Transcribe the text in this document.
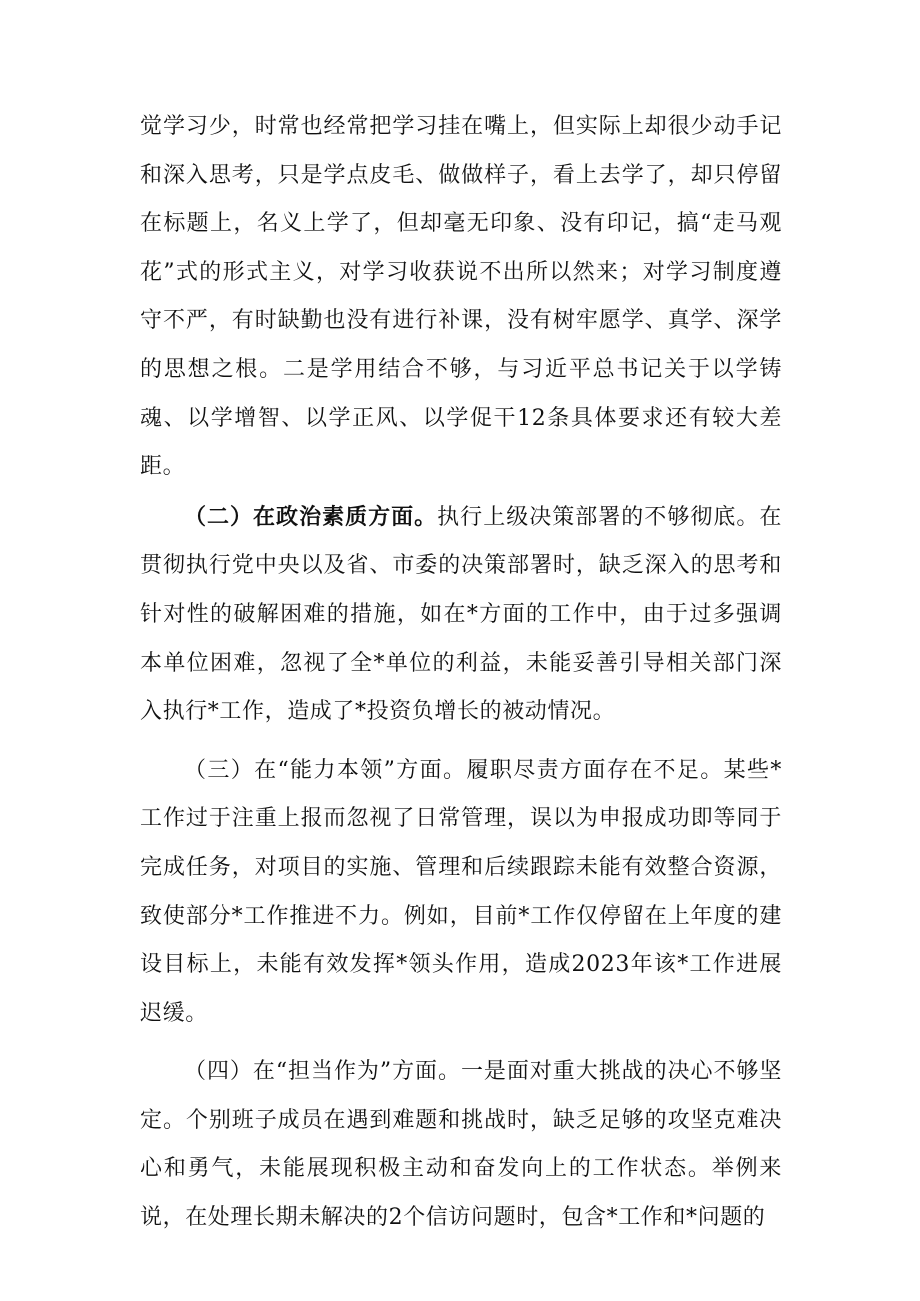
觉学习少，时常也经常把学习挂在嘴上，但实际上却很少动手记和深入思考，只是学点皮毛、做做样子，看上去学了，却只停留在标题上，名义上学了，但却毫无印象、没有印记，搞“走马观花”式的形式主义，对学习收获说不出所以然来；对学习制度遵守不严，有时缺勤也没有进行补课，没有树牢愿学、真学、深学的思想之根。二是学用结合不够，与习近平总书记关于以学铸魂、以学增智、以学正风、以学促干12条具体要求还有较大差距。

（二）在政治素质方面。执行上级决策部署的不够彻底。在贯彻执行党中央以及省、市委的决策部署时，缺乏深入的思考和针对性的破解困难的措施，如在*方面的工作中，由于过多强调本单位困难，忽视了全*单位的利益，未能妥善引导相关部门深入执行*工作，造成了*投资负增长的被动情况。

（三）在“能力本领”方面。履职尽责方面存在不足。某些*工作过于注重上报而忽视了日常管理，误以为申报成功即等同于完成任务，对项目的实施、管理和后续跟踪未能有效整合资源，致使部分*工作推进不力。例如，目前*工作仅停留在上年度的建设目标上，未能有效发挥*领头作用，造成2023年该*工作进展迟缓。

（四）在“担当作为”方面。一是面对重大挑战的决心不够坚定。个别班子成员在遇到难题和挑战时，缺乏足够的攻坚克难决心和勇气，未能展现积极主动和奋发向上的工作状态。举例来说，在处理长期未解决的2个信访问题时，包含*工作和*问题的
